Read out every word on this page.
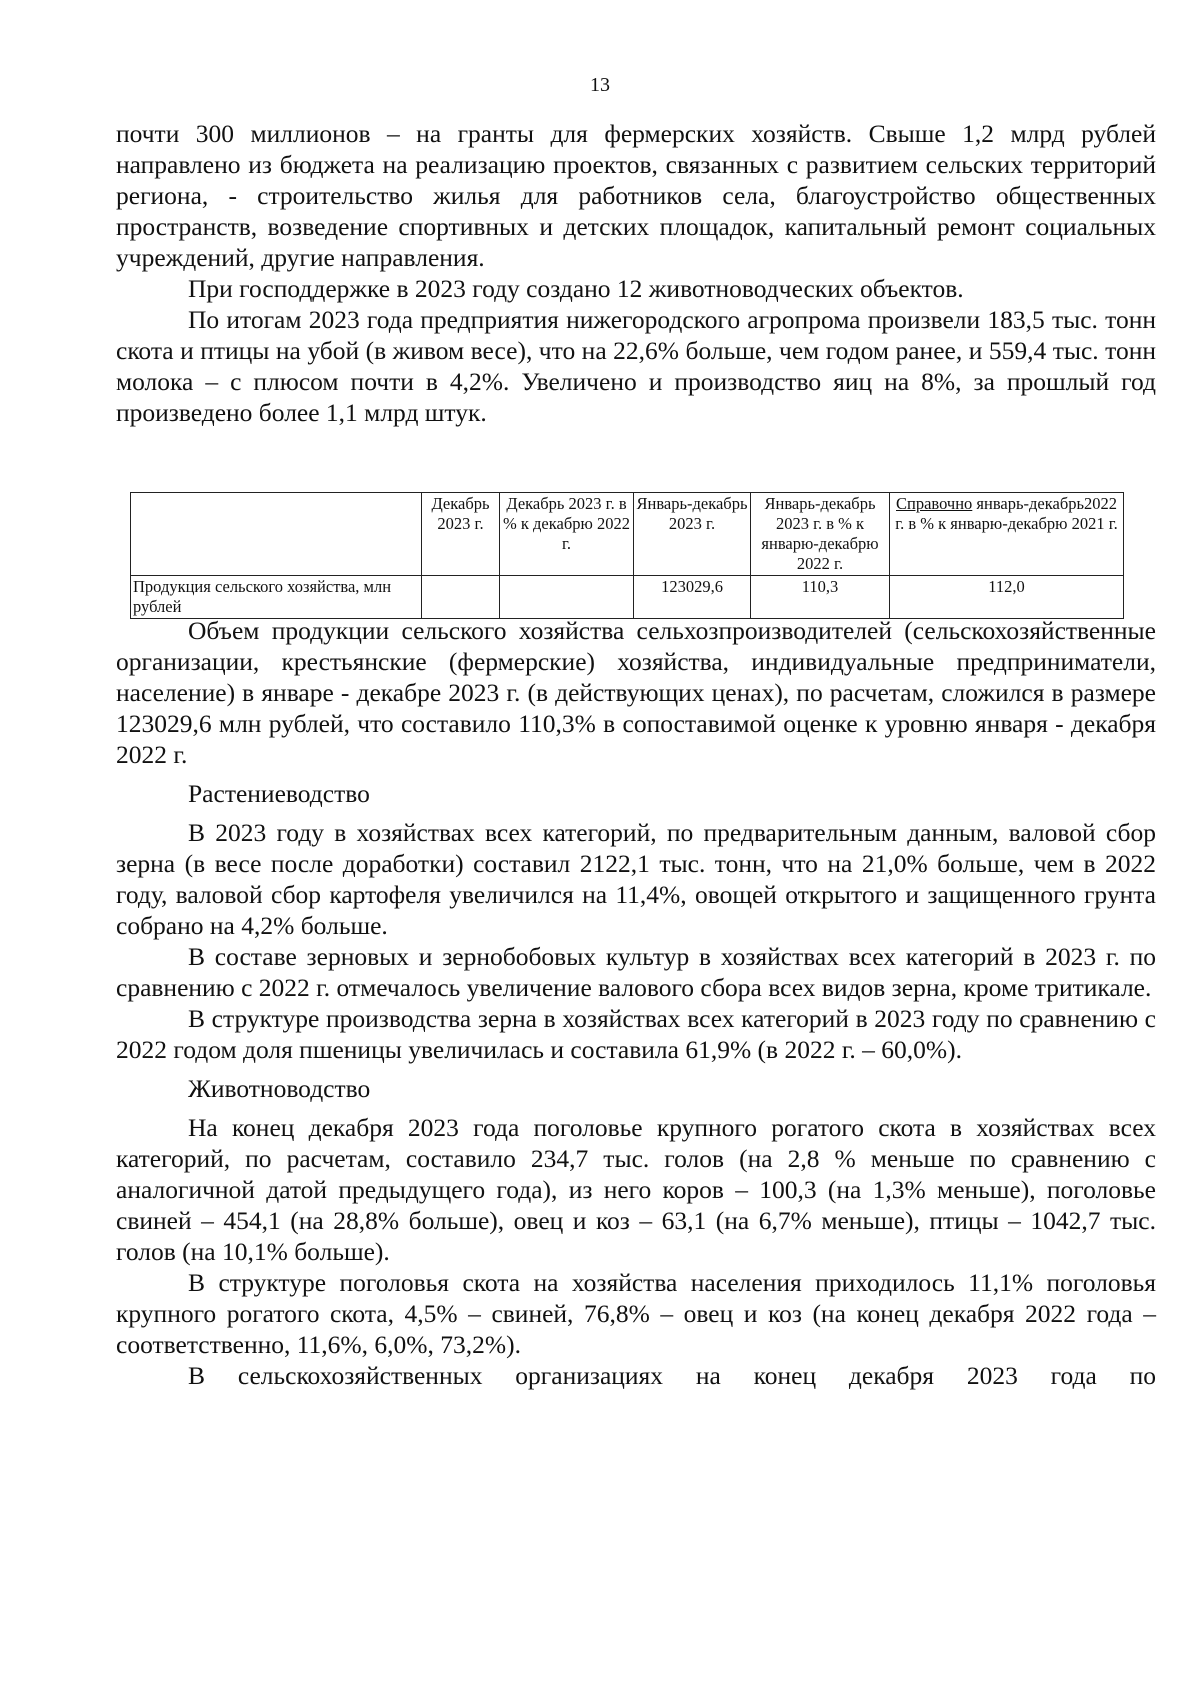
13

почти 300 миллионов – на гранты для фермерских хозяйств. Свыше 1,2 млрд рублей направлено из бюджета на реализацию проектов, связанных с развитием сельских территорий региона, - строительство жилья для работников села, благоустройство общественных пространств, возведение спортивных и детских площадок, капитальный ремонт социальных учреждений, другие направления.

При господдержке в 2023 году создано 12 животноводческих объектов.

По итогам 2023 года предприятия нижегородского агропрома произвели 183,5 тыс. тонн скота и птицы на убой (в живом весе), что на 22,6% больше, чем годом ранее, и 559,4 тыс. тонн молока – с плюсом почти в 4,2%. Увеличено и производство яиц на 8%, за прошлый год произведено более 1,1 млрд штук.

	Декабрь 2023 г.	Декабрь 2023 г. в % к декабрю 2022 г.	Январь-декабрь 2023 г.	Январь-декабрь 2023 г. в % к январю-декабрю 2022 г.	Справочно январь-декабрь2022 г. в % к январю-декабрю 2021 г.
Продукция сельского хозяйства, млн рублей			123029,6	110,3	112,0

Объем продукции сельского хозяйства сельхозпроизводителей (сельскохозяйственные организации, крестьянские (фермерские) хозяйства, индивидуальные предприниматели, население) в январе - декабре 2023 г. (в действующих ценах), по расчетам, сложился в размере 123029,6 млн рублей, что составило 110,3% в сопоставимой оценке к уровню января - декабря 2022 г.

Растениеводство

В 2023 году в хозяйствах всех категорий, по предварительным данным, валовой сбор зерна (в весе после доработки) составил 2122,1 тыс. тонн, что на 21,0% больше, чем в 2022 году, валовой сбор картофеля увеличился на 11,4%, овощей открытого и защищенного грунта собрано на 4,2% больше.

В составе зерновых и зернобобовых культур в хозяйствах всех категорий в 2023 г. по сравнению с 2022 г. отмечалось увеличение валового сбора всех видов зерна, кроме тритикале.

В структуре производства зерна в хозяйствах всех категорий в 2023 году по сравнению с 2022 годом доля пшеницы увеличилась и составила 61,9% (в 2022 г. – 60,0%).

Животноводство

На конец декабря 2023 года поголовье крупного рогатого скота в хозяйствах всех категорий, по расчетам, составило 234,7 тыс. голов (на 2,8 % меньше по сравнению с аналогичной датой предыдущего года), из него коров – 100,3 (на 1,3% меньше), поголовье свиней – 454,1 (на 28,8% больше), овец и коз – 63,1 (на 6,7% меньше), птицы – 1042,7 тыс. голов (на 10,1% больше).

В структуре поголовья скота на хозяйства населения приходилось 11,1% поголовья крупного рогатого скота, 4,5% – свиней, 76,8% – овец и коз (на конец декабря 2022 года – соответственно, 11,6%, 6,0%, 73,2%).

В сельскохозяйственных организациях на конец декабря 2023 года по
